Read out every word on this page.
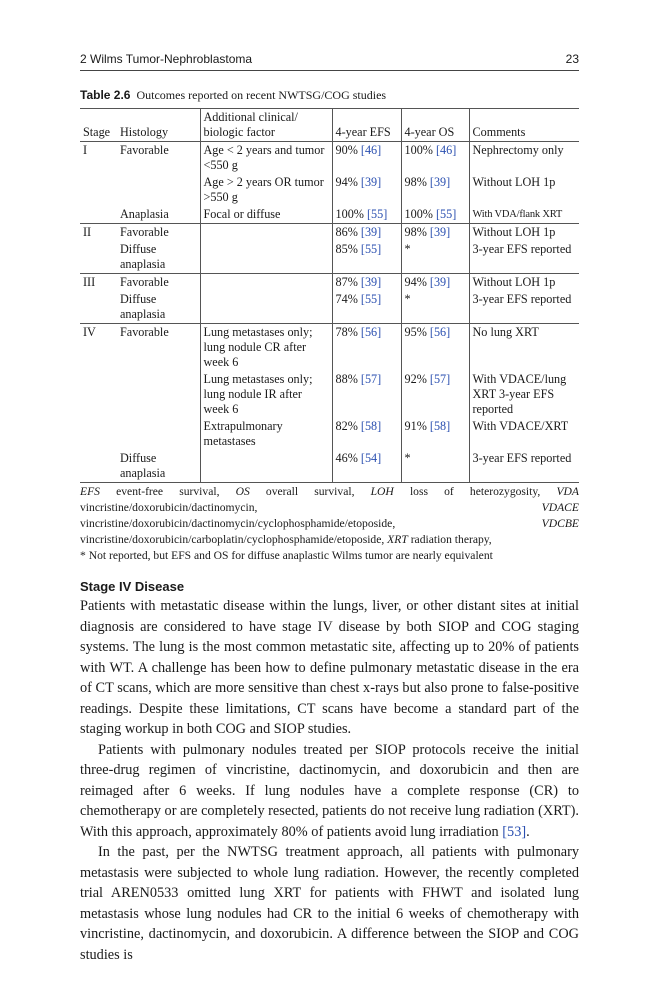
2 Wilms Tumor-Nephroblastoma	23
Table 2.6 Outcomes reported on recent NWTSG/COG studies
Stage	Histology	Additional clinical/ biologic factor	4-year EFS	4-year OS	Comments
I	Favorable	Age < 2 years and tumor <550 g	90% [46]	100% [46]	Nephrectomy only
		Age > 2 years OR tumor >550 g	94% [39]	98% [39]	Without LOH 1p
	Anaplasia	Focal or diffuse	100% [55]	100% [55]	With VDA/flank XRT
II	Favorable		86% [39]	98% [39]	Without LOH 1p
	Diffuse anaplasia		85% [55]	*	3-year EFS reported
III	Favorable		87% [39]	94% [39]	Without LOH 1p
	Diffuse anaplasia		74% [55]	*	3-year EFS reported
IV	Favorable	Lung metastases only; lung nodule CR after week 6	78% [56]	95% [56]	No lung XRT
		Lung metastases only; lung nodule IR after week 6	88% [57]	92% [57]	With VDACE/lung XRT 3-year EFS reported
		Extrapulmonary metastases	82% [58]	91% [58]	With VDACE/XRT
	Diffuse anaplasia		46% [54]	*	3-year EFS reported
EFS event-free survival, OS overall survival, LOH loss of heterozygosity, VDA vincristine/doxorubicin/dactinomycin, VDACE vincristine/doxorubicin/dactinomycin/cyclophosphamide/etoposide, VDCBE vincristine/doxorubicin/carboplatin/cyclophosphamide/etoposide, XRT radiation therapy,
* Not reported, but EFS and OS for diffuse anaplastic Wilms tumor are nearly equivalent
Stage IV Disease

Patients with metastatic disease within the lungs, liver, or other distant sites at initial diagnosis are considered to have stage IV disease by both SIOP and COG staging systems. The lung is the most common metastatic site, affecting up to 20% of patients with WT. A challenge has been how to define pulmonary metastatic disease in the era of CT scans, which are more sensitive than chest x-rays but also prone to false-positive readings. Despite these limitations, CT scans have become a standard part of the staging workup in both COG and SIOP studies.

Patients with pulmonary nodules treated per SIOP protocols receive the initial three-drug regimen of vincristine, dactinomycin, and doxorubicin and then are reimaged after 6 weeks. If lung nodules have a complete response (CR) to chemotherapy or are completely resected, patients do not receive lung radiation (XRT). With this approach, approximately 80% of patients avoid lung irradiation [53].

In the past, per the NWTSG treatment approach, all patients with pulmonary metastasis were subjected to whole lung radiation. However, the recently completed trial AREN0533 omitted lung XRT for patients with FHWT and isolated lung metastasis whose lung nodules had CR to the initial 6 weeks of chemotherapy with vincristine, dactinomycin, and doxorubicin. A difference between the SIOP and COG studies is
